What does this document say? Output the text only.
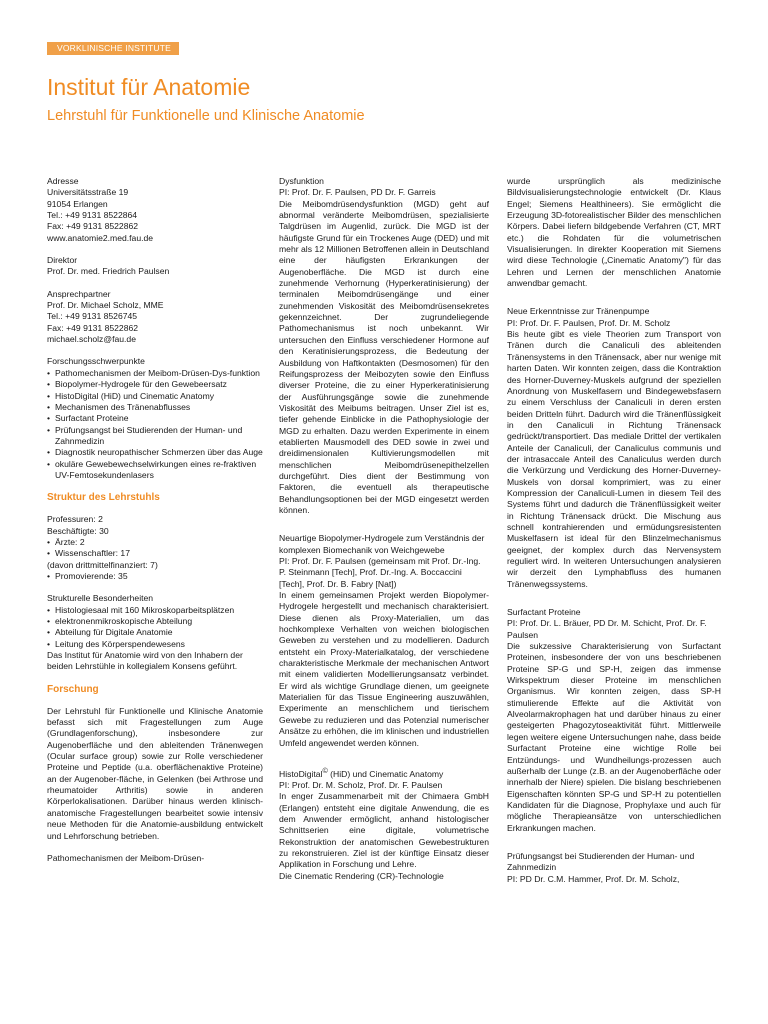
VORKLINISCHE INSTITUTE
Institut für Anatomie
Lehrstuhl für Funktionelle und Klinische Anatomie

Adresse

Universitätsstraße 19

91054 Erlangen

Tel.: +49 9131 8522864

Fax: +49 9131 8522862

www.anatomie2.med.fau.de

Direktor

Prof. Dr. med. Friedrich Paulsen

Ansprechpartner

Prof. Dr. Michael Scholz, MME

Tel.: +49 9131 8526745

Fax: +49 9131 8522862

michael.scholz@fau.de

Forschungsschwerpunkte

• Pathomechanismen der Meibom-Drüsen-Dys-funktion
• Biopolymer-Hydrogele für den Gewebeersatz
• HistoDigital (HiD) und Cinematic Anatomy
• Mechanismen des Tränenabflusses
• Surfactant Proteine
• Prüfungsangst bei Studierenden der Human- und Zahnmedizin
• Diagnostik neuropathischer Schmerzen über das Auge
• okuläre Gewebewechselwirkungen eines re-fraktiven UV-Femtosekundenlasers

Struktur des Lehrstuhls

Professuren: 2

Beschäftigte: 30

• Ärzte: 2
• Wissenschaftler: 17

(davon drittmittelfinanziert: 7)

• Promovierende: 35

Strukturelle Besonderheiten

• Histologiesaal mit 160 Mikroskoparbeitsplätzen
• elektronenmikroskopische Abteilung
• Abteilung für Digitale Anatomie
• Leitung des Körperspendewesens

Das Institut für Anatomie wird von den Inhabern der beiden Lehrstühle in kollegialem Konsens geführt.

Forschung

Der Lehrstuhl für Funktionelle und Klinische Anatomie befasst sich mit Fragestellungen zum Auge (Grundlagenforschung), insbesondere zur Augenoberfläche und den ableitenden Tränenwegen (Ocular surface group) sowie zur Rolle verschiedener Proteine und Peptide (u.a. oberflächenaktive Proteine) an der Augenober-fläche, in Gelenken (bei Arthrose und rheumatoider Arthritis) sowie in anderen Körperlokalisationen. Darüber hinaus werden klinisch-anatomische Fragestellungen bearbeitet sowie intensiv neue Methoden für die Anatomie-ausbildung entwickelt und Lehrforschung betrieben.

Pathomechanismen der Meibom-Drüsen-

Dysfunktion

PI: Prof. Dr. F. Paulsen, PD Dr. F. Garreis

Die Meibomdrüsendysfunktion (MGD) geht auf abnormal veränderte Meibomdrüsen, spezialisierte Talgdrüsen im Augenlid, zurück. Die MGD ist der häufigste Grund für ein Trockenes Auge (DED) und mit mehr als 12 Millionen Betroffenen allein in Deutschland eine der häufigsten Erkrankungen der Augenoberfläche. Die MGD ist durch eine zunehmende Verhornung (Hyperkeratinisierung) der terminalen Meibomdrüsengänge und einer zunehmenden Viskosität des Meibomdrüsensekretes gekennzeichnet. Der zugrundeliegende Pathomechanismus ist noch unbekannt. Wir untersuchen den Einfluss verschiedener Hormone auf den Keratinisierungsprozess, die Bedeutung der Ausbildung von Haftkontakten (Desmosomen) für den Reifungsprozess der Meibozyten sowie den Einfluss diverser Proteine, die zu einer Hyperkeratinisierung der Ausführungsgänge sowie die zunehmende Viskosität des Meibums beitragen. Unser Ziel ist es, tiefer gehende Einblicke in die Pathophysiologie der MGD zu erhalten. Dazu werden Experimente in einem etablierten Mausmodell des DED sowie in zwei und dreidimensionalen Kultivierungsmodellen mit menschlichen Meibomdrüsenepithelzellen durchgeführt. Dies dient der Bestimmung von Faktoren, die eventuell als therapeutische Behandlungsoptionen bei der MGD eingesetzt werden können.

Neuartige Biopolymer-Hydrogele zum Verständnis der komplexen Biomechanik von Weichgewebe

PI: Prof. Dr. F. Paulsen (gemeinsam mit Prof. Dr.-Ing. P. Steinmann [Tech], Prof. Dr.-Ing. A. Boccaccini [Tech], Prof. Dr. B. Fabry [Nat])

In einem gemeinsamen Projekt werden Biopolymer-Hydrogele hergestellt und mechanisch charakterisiert. Diese dienen als Proxy-Materialien, um das hochkomplexe Verhalten von weichen biologischen Geweben zu verstehen und zu modellieren. Dadurch entsteht ein Proxy-Materialkatalog, der verschiedene charakteristische Merkmale der mechanischen Antwort mit einem validierten Modellierungsansatz verbindet. Er wird als wichtige Grundlage dienen, um geeignete Materialien für das Tissue Engineering auszuwählen, Experimente an menschlichem und tierischem Gewebe zu reduzieren und das Potenzial numerischer Ansätze zu erhöhen, die im klinischen und industriellen Umfeld angewendet werden können.

HistoDigital© (HiD) und Cinematic Anatomy

PI: Prof. Dr. M. Scholz, Prof. Dr. F. Paulsen

In enger Zusammenarbeit mit der Chimaera GmbH (Erlangen) entsteht eine digitale Anwendung, die es dem Anwender ermöglicht, anhand histologischer Schnittserien eine digitale, volumetrische Rekonstruktion der anatomischen Gewebestrukturen zu rekonstruieren. Ziel ist der künftige Einsatz dieser Applikation in Forschung und Lehre.

Die Cinematic Rendering (CR)-Technologie

wurde ursprünglich als medizinische Bildvisualisierungstechnologie entwickelt (Dr. Klaus Engel; Siemens Healthineers). Sie ermöglicht die Erzeugung 3D-fotorealistischer Bilder des menschlichen Körpers. Dabei liefern bildgebende Verfahren (CT, MRT etc.) die Rohdaten für die volumetrischen Visualisierungen. In direkter Kooperation mit Siemens wird diese Technologie („Cinematic Anatomy") für das Lehren und Lernen der menschlichen Anatomie anwendbar gemacht.

Neue Erkenntnisse zur Tränenpumpe

PI: Prof. Dr. F. Paulsen, Prof. Dr. M. Scholz

Bis heute gibt es viele Theorien zum Transport von Tränen durch die Canaliculi des ableitenden Tränensystems in den Tränensack, aber nur wenige mit harten Daten. Wir konnten zeigen, dass die Kontraktion des Horner-Duverney-Muskels aufgrund der speziellen Anordnung von Muskelfasern und Bindegewebsfasern zu einem Verschluss der Canaliculi in deren ersten beiden Dritteln führt. Dadurch wird die Tränenflüssigkeit in den Canaliculi in Richtung Tränensack gedrückt/transportiert. Das mediale Drittel der vertikalen Anteile der Canaliculi, der Canaliculus communis und der intrasaccale Anteil des Canaliculus werden durch die Verkürzung und Verdickung des Horner-Duverney-Muskels von dorsal komprimiert, was zu einer Kompression der Canaliculi-Lumen in diesem Teil des Systems führt und dadurch die Tränenflüssigkeit weiter in Richtung Tränensack drückt. Die Mischung aus schnell kontrahierenden und ermüdungsresistenten Muskelfasern ist ideal für den Blinzelmechanismus geeignet, der komplex durch das Nervensystem reguliert wird. In weiteren Untersuchungen analysieren wir derzeit den Lymphabfluss des humanen Tränenwegssystems.

Surfactant Proteine

PI: Prof. Dr. L. Bräuer, PD Dr. M. Schicht, Prof. Dr. F. Paulsen

Die sukzessive Charakterisierung von Surfactant Proteinen, insbesondere der von uns beschriebenen Proteine SP-G und SP-H, zeigen das immense Wirkspektrum dieser Proteine im menschlichen Organismus. Wir konnten zeigen, dass SP-H stimulierende Effekte auf die Aktivität von Alveolarmakrophagen hat und darüber hinaus zu einer gesteigerten Phagozytoseaktivität führt. Mittlerweile legen weitere eigene Untersuchungen nahe, dass beide Surfactant Proteine eine wichtige Rolle bei Entzündungs- und Wundheilungs-prozessen auch außerhalb der Lunge (z.B. an der Augenoberfläche oder innerhalb der Niere) spielen. Die bislang beschriebenen Eigenschaften könnten SP-G und SP-H zu potentiellen Kandidaten für die Diagnose, Prophylaxe und auch für mögliche Therapieansätze von unterschiedlichen Erkrankungen machen.

Prüfungsangst bei Studierenden der Human- und Zahnmedizin

PI: PD Dr. C.M. Hammer, Prof. Dr. M. Scholz,
